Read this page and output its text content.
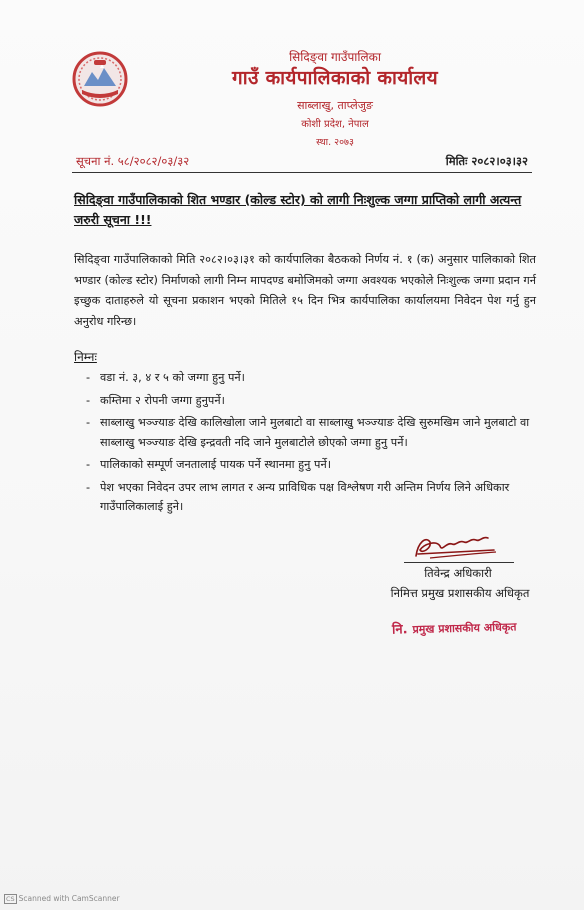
सिदिङ्वा गाउँपालिका
गाउँ कार्यपालिकाको कार्यालय
साब्लाखु, ताप्लेजुङ
कोशी प्रदेश, नेपाल
स्था. २०७३
सूचना नं. ५८/२०८२/०३/३२	मितिः २०८२।०३।३२
सिदिङ्वा गाउँपालिकाको शित भण्डार (कोल्ड स्टोर) को लागी निःशुल्क जग्गा प्राप्तिको लागी अत्यन्त जरुरी सूचना !!!
सिदिङ्वा गाउँपालिकाको मिति २०८२।०३।३१ को कार्यपालिका बैठकको निर्णय नं. १ (क) अनुसार पालिकाको शित भण्डार (कोल्ड स्टोर) निर्माणको लागी निम्न मापदण्ड बमोजिमको जग्गा अवश्यक भएकोले निःशुल्क जग्गा प्रदान गर्न इच्छुक दाताहरुले यो सूचना प्रकाशन भएको मितिले १५ दिन भित्र कार्यपालिका कार्यालयमा निवेदन पेश गर्नु हुन अनुरोध गरिन्छ।
निम्नः
- वडा नं. ३, ४ र ५ को जग्गा हुनु पर्ने।
- कम्तिमा २ रोपनी जग्गा हुनुपर्ने।
- साब्लाखु भञ्ज्याङ देखि कालिखोला जाने मुलबाटो वा साब्लाखु भञ्ज्याङ देखि सुरुमखिम जाने मुलबाटो वा साब्लाखु भञ्ज्याङ देखि इन्द्रवती नदि जाने मुलबाटोले छोएको जग्गा हुनु पर्ने।
- पालिकाको सम्पूर्ण जनतालाई पायक पर्ने स्थानमा हुनु पर्ने।
- पेश भएका निवेदन उपर लाभ लागत र अन्य प्राविधिक पक्ष विश्लेषण गरी अन्तिम निर्णय लिने अधिकार गाउँपालिकालाई हुने।
तिवेन्द्र अधिकारी
निमित्त प्रमुख प्रशासकीय अधिकृत
नि. प्रमुख प्रशासकीय अधिकृत
CS Scanned with CamScanner
